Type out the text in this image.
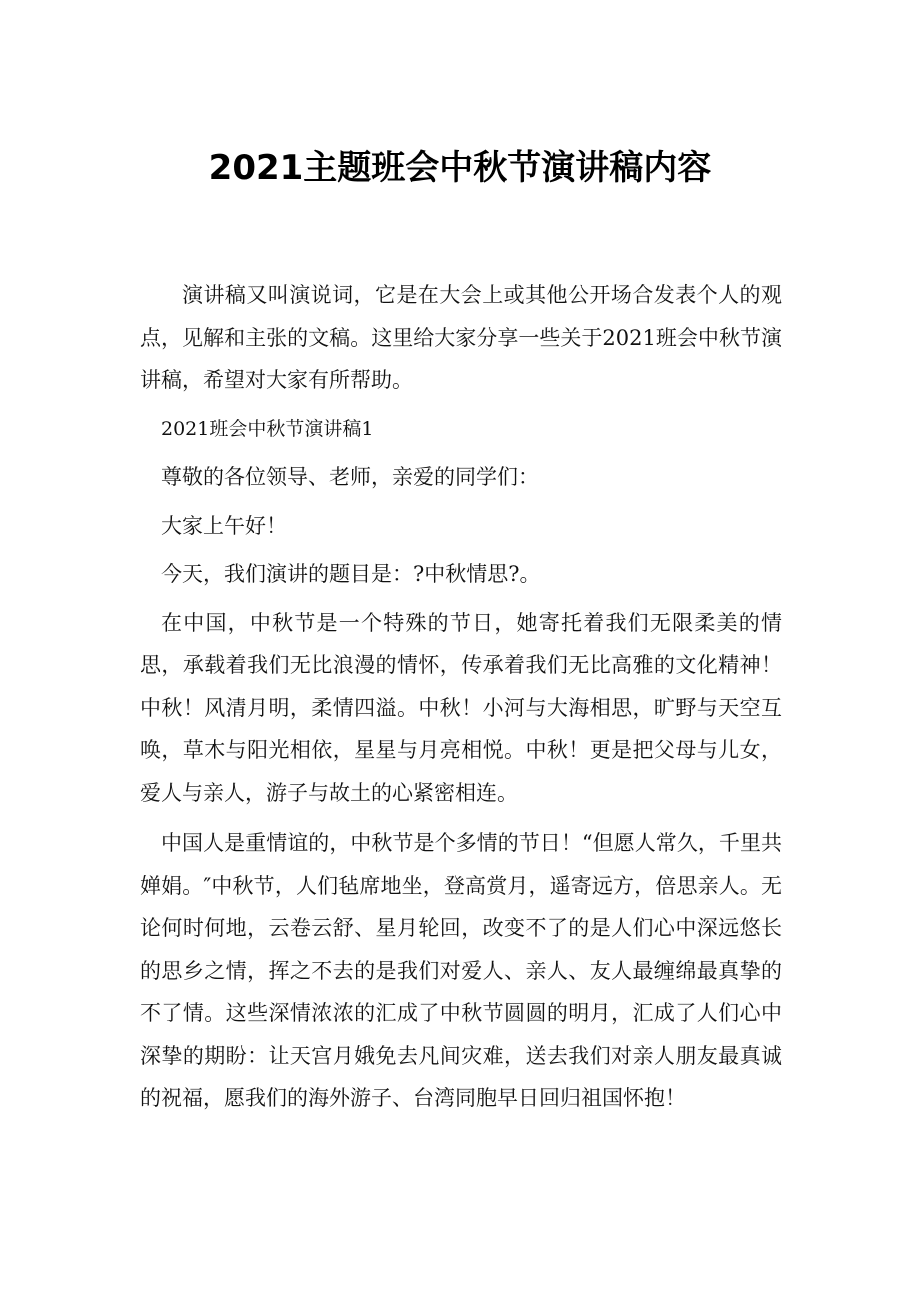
2021主题班会中秋节演讲稿内容

演讲稿又叫演说词，它是在大会上或其他公开场合发表个人的观点，见解和主张的文稿。这里给大家分享一些关于2021班会中秋节演讲稿，希望对大家有所帮助。

2021班会中秋节演讲稿1

尊敬的各位领导、老师，亲爱的同学们：

大家上午好！

今天，我们演讲的题目是：?中秋情思?。

在中国，中秋节是一个特殊的节日，她寄托着我们无限柔美的情思，承载着我们无比浪漫的情怀，传承着我们无比高雅的文化精神！中秋！风清月明，柔情四溢。中秋！小河与大海相思，旷野与天空互唤，草木与阳光相依，星星与月亮相悦。中秋！更是把父母与儿女，爱人与亲人，游子与故土的心紧密相连。

中国人是重情谊的，中秋节是个多情的节日！“但愿人常久，千里共婵娟。″中秋节，人们毡席地坐，登高赏月，遥寄远方，倍思亲人。无论何时何地，云卷云舒、星月轮回，改变不了的是人们心中深远悠长的思乡之情，挥之不去的是我们对爱人、亲人、友人最缠绵最真挚的不了情。这些深情浓浓的汇成了中秋节圆圆的明月，汇成了人们心中深挚的期盼：让天宫月娥免去凡间灾难，送去我们对亲人朋友最真诚的祝福，愿我们的海外游子、台湾同胞早日回归祖国怀抱！
